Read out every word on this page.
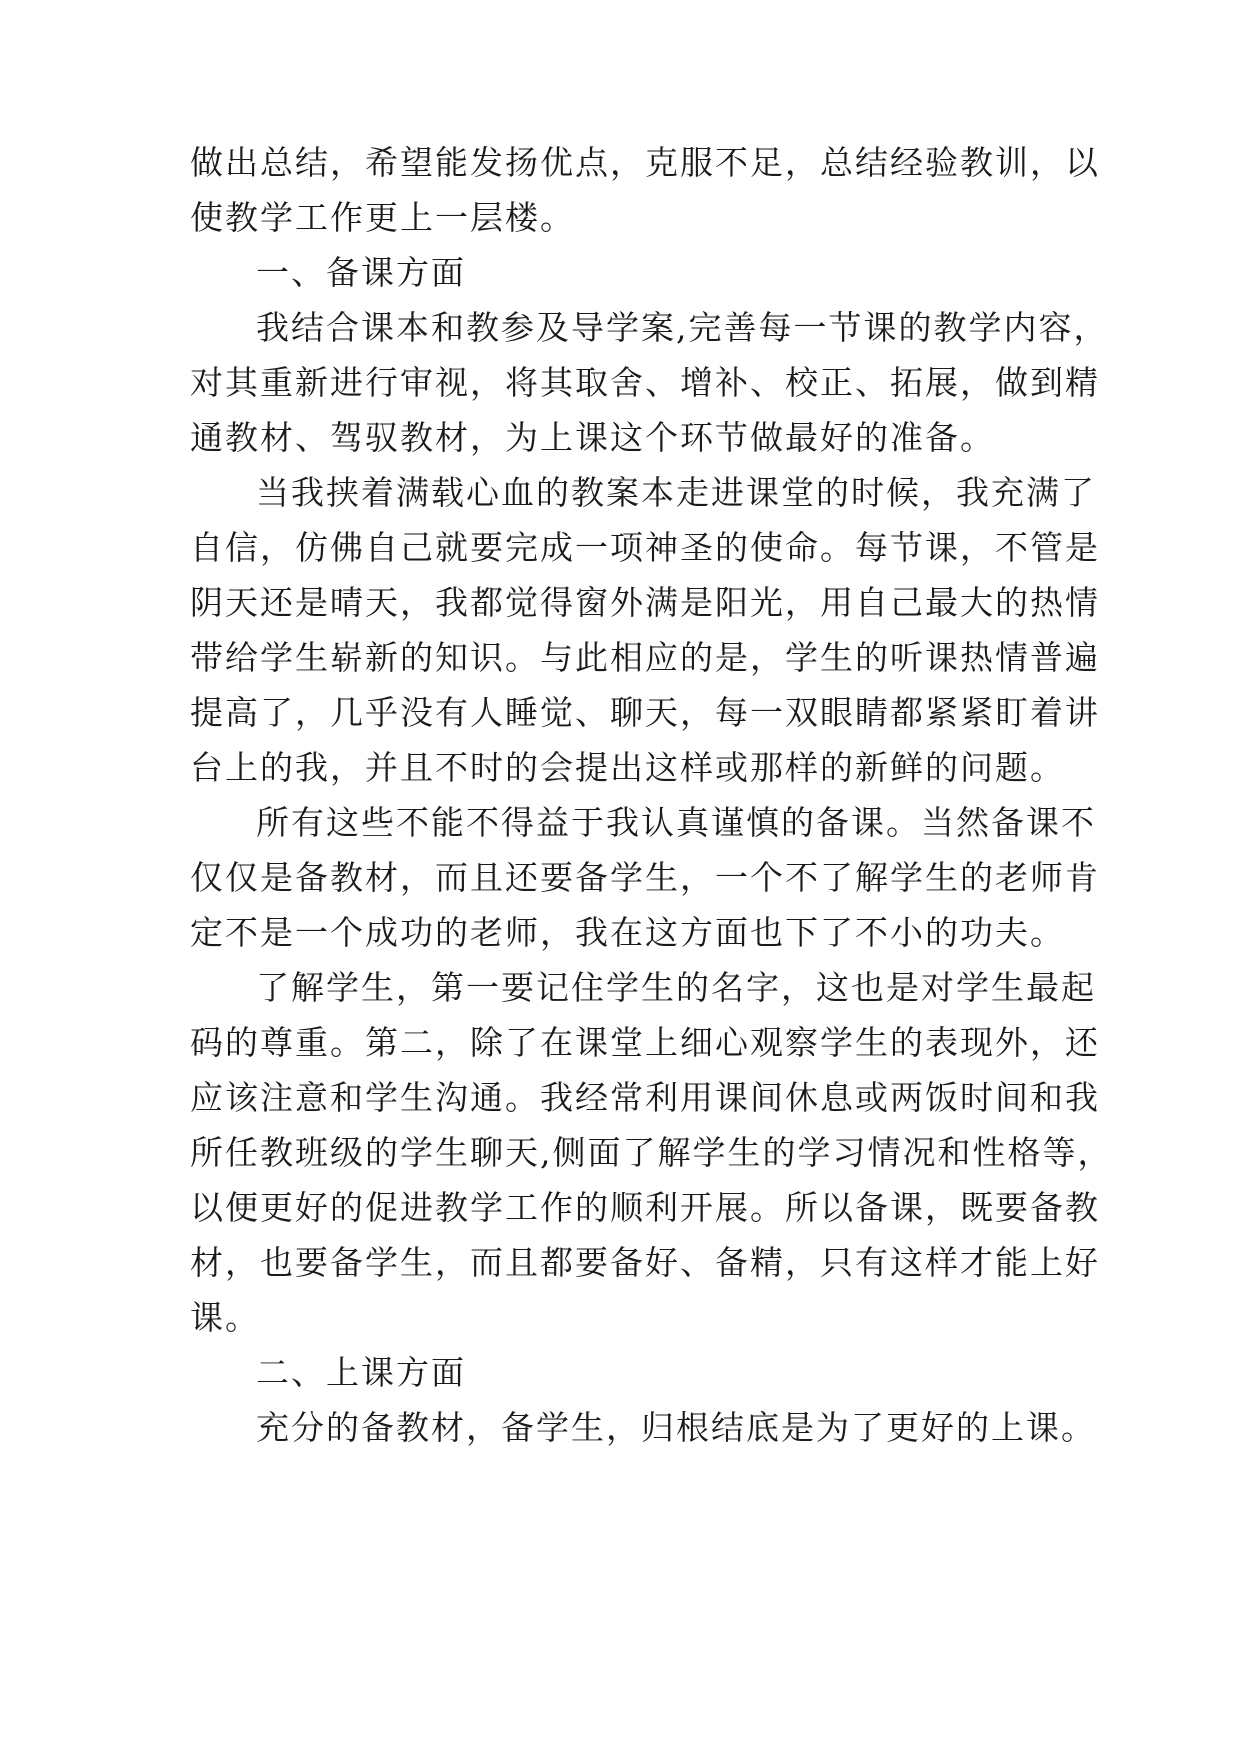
做出总结，希望能发扬优点，克服不足，总结经验教训，以
使教学工作更上一层楼。
一、备课方面
我结合课本和教参及导学案,完善每一节课的教学内容，
对其重新进行审视，将其取舍、增补、校正、拓展，做到精
通教材、驾驭教材，为上课这个环节做最好的准备。
当我挟着满载心血的教案本走进课堂的时候，我充满了
自信，仿佛自己就要完成一项神圣的使命。每节课，不管是
阴天还是晴天，我都觉得窗外满是阳光，用自己最大的热情
带给学生崭新的知识。与此相应的是，学生的听课热情普遍
提高了，几乎没有人睡觉、聊天，每一双眼睛都紧紧盯着讲
台上的我，并且不时的会提出这样或那样的新鲜的问题。
所有这些不能不得益于我认真谨慎的备课。当然备课不
仅仅是备教材，而且还要备学生，一个不了解学生的老师肯
定不是一个成功的老师，我在这方面也下了不小的功夫。
了解学生，第一要记住学生的名字，这也是对学生最起
码的尊重。第二，除了在课堂上细心观察学生的表现外，还
应该注意和学生沟通。我经常利用课间休息或两饭时间和我
所任教班级的学生聊天,侧面了解学生的学习情况和性格等，
以便更好的促进教学工作的顺利开展。所以备课，既要备教
材，也要备学生，而且都要备好、备精，只有这样才能上好
课。
二、上课方面
充分的备教材，备学生，归根结底是为了更好的上课。
